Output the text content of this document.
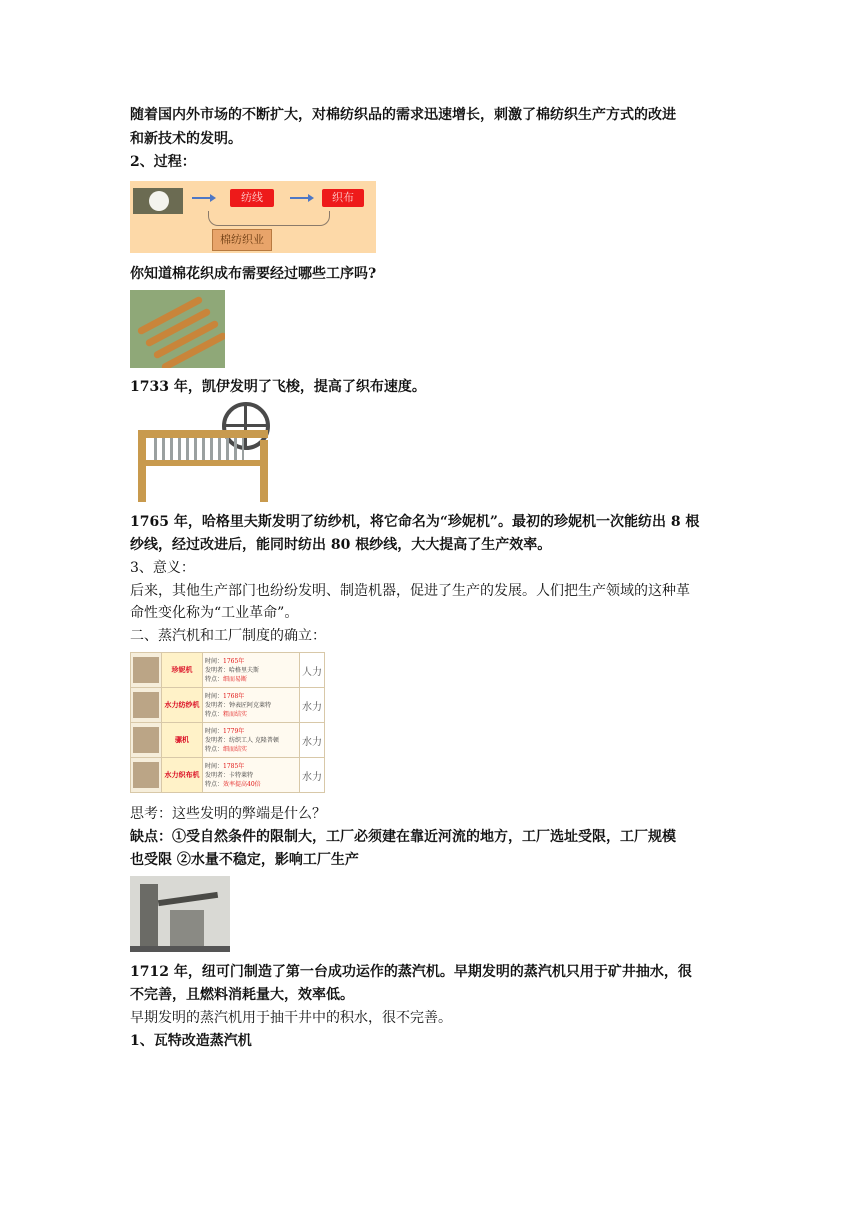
随着国内外市场的不断扩大，对棉纺织品的需求迅速增长，刺激了棉纺织生产方式的改进
和新技术的发明。
2、过程：
纺线	织布
棉纺织业
你知道棉花织成布需要经过哪些工序吗?
1733 年，凯伊发明了飞梭，提高了织布速度。
1765 年，哈格里夫斯发明了纺纱机，将它命名为“珍妮机”。最初的珍妮机一次能纺出 8 根
纱线，经过改进后，能同时纺出 80 根纱线，大大提高了生产效率。
3、意义：
后来，其他生产部门也纷纷发明、制造机器，促进了生产的发展。人们把生产领域的这种革
命性变化称为“工业革命”。
二、蒸汽机和工厂制度的确立：
	珍妮机	时间：1765年
发明者：哈格里夫斯
特点：细而易断	人力

	水力纺纱机	时间：1768年
发明者：钟表匠阿克莱特
特点：粗而结实	水力

	骡机	时间：1779年
发明者：纺织工人 克隆普顿
特点：细而结实	水力

	水力织布机	时间：1785年
发明者：卡特莱特
特点：效率提高40倍	水力
思考：这些发明的弊端是什么？
缺点：①受自然条件的限制大，工厂必须建在靠近河流的地方，工厂选址受限，工厂规模
也受限 ②水量不稳定，影响工厂生产
1712 年，纽可门制造了第一台成功运作的蒸汽机。早期发明的蒸汽机只用于矿井抽水，很
不完善，且燃料消耗量大，效率低。
早期发明的蒸汽机用于抽干井中的积水，很不完善。
1、瓦特改造蒸汽机
